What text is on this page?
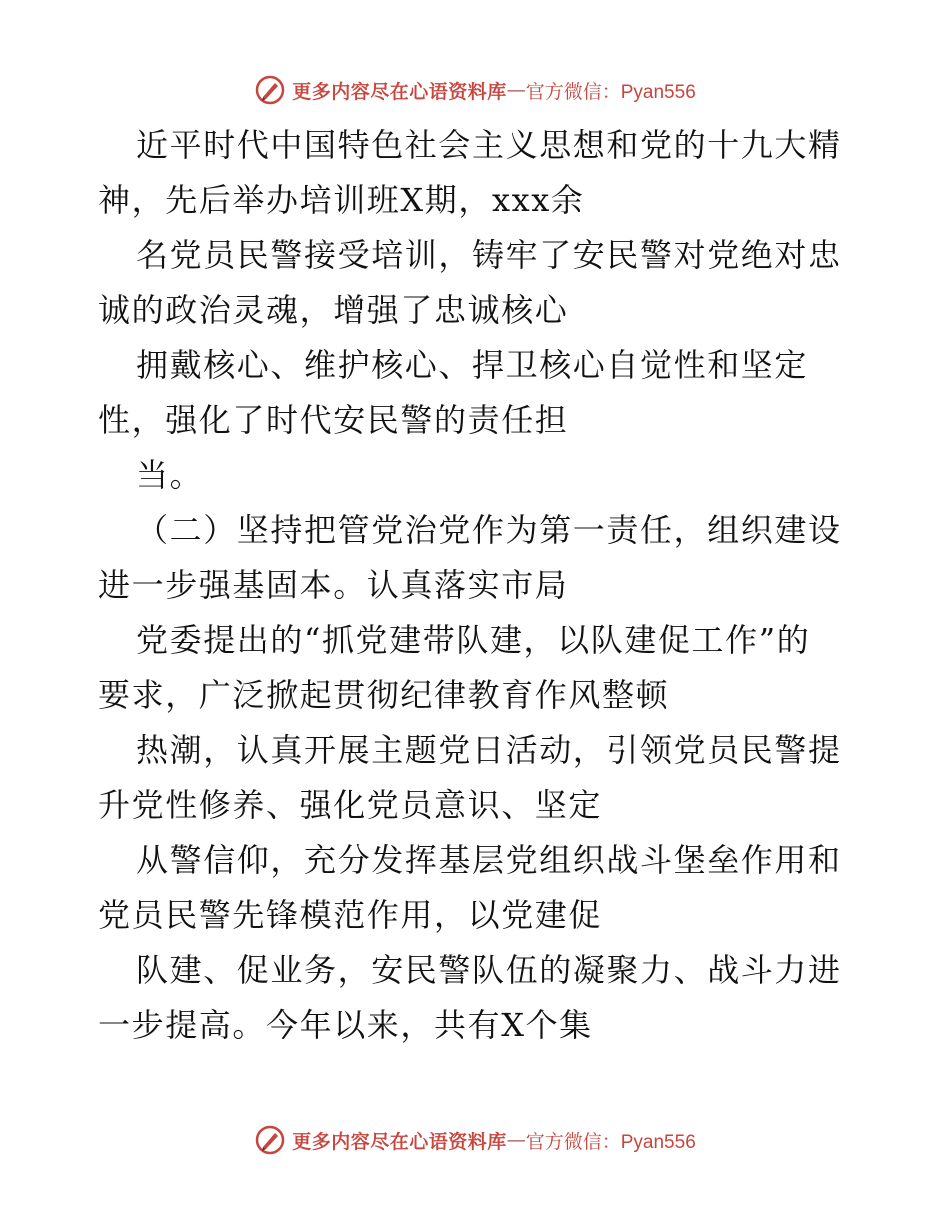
更多内容尽在心语资料库 — 官方微信：Pyan556
近平时代中国特色社会主义思想和党的十九大精
神，先后举办培训班X期，xxx余
名党员民警接受培训，铸牢了安民警对党绝对忠
诚的政治灵魂，增强了忠诚核心
拥戴核心、维护核心、捍卫核心自觉性和坚定
性，强化了时代安民警的责任担
当。
（二）坚持把管党治党作为第一责任，组织建设
进一步强基固本。认真落实市局
党委提出的“抓党建带队建，以队建促工作”的
要求，广泛掀起贯彻纪律教育作风整顿
热潮，认真开展主题党日活动，引领党员民警提
升党性修养、强化党员意识、坚定
从警信仰，充分发挥基层党组织战斗堡垒作用和
党员民警先锋模范作用，以党建促
队建、促业务，安民警队伍的凝聚力、战斗力进
一步提高。今年以来，共有X个集
更多内容尽在心语资料库 — 官方微信：Pyan556
